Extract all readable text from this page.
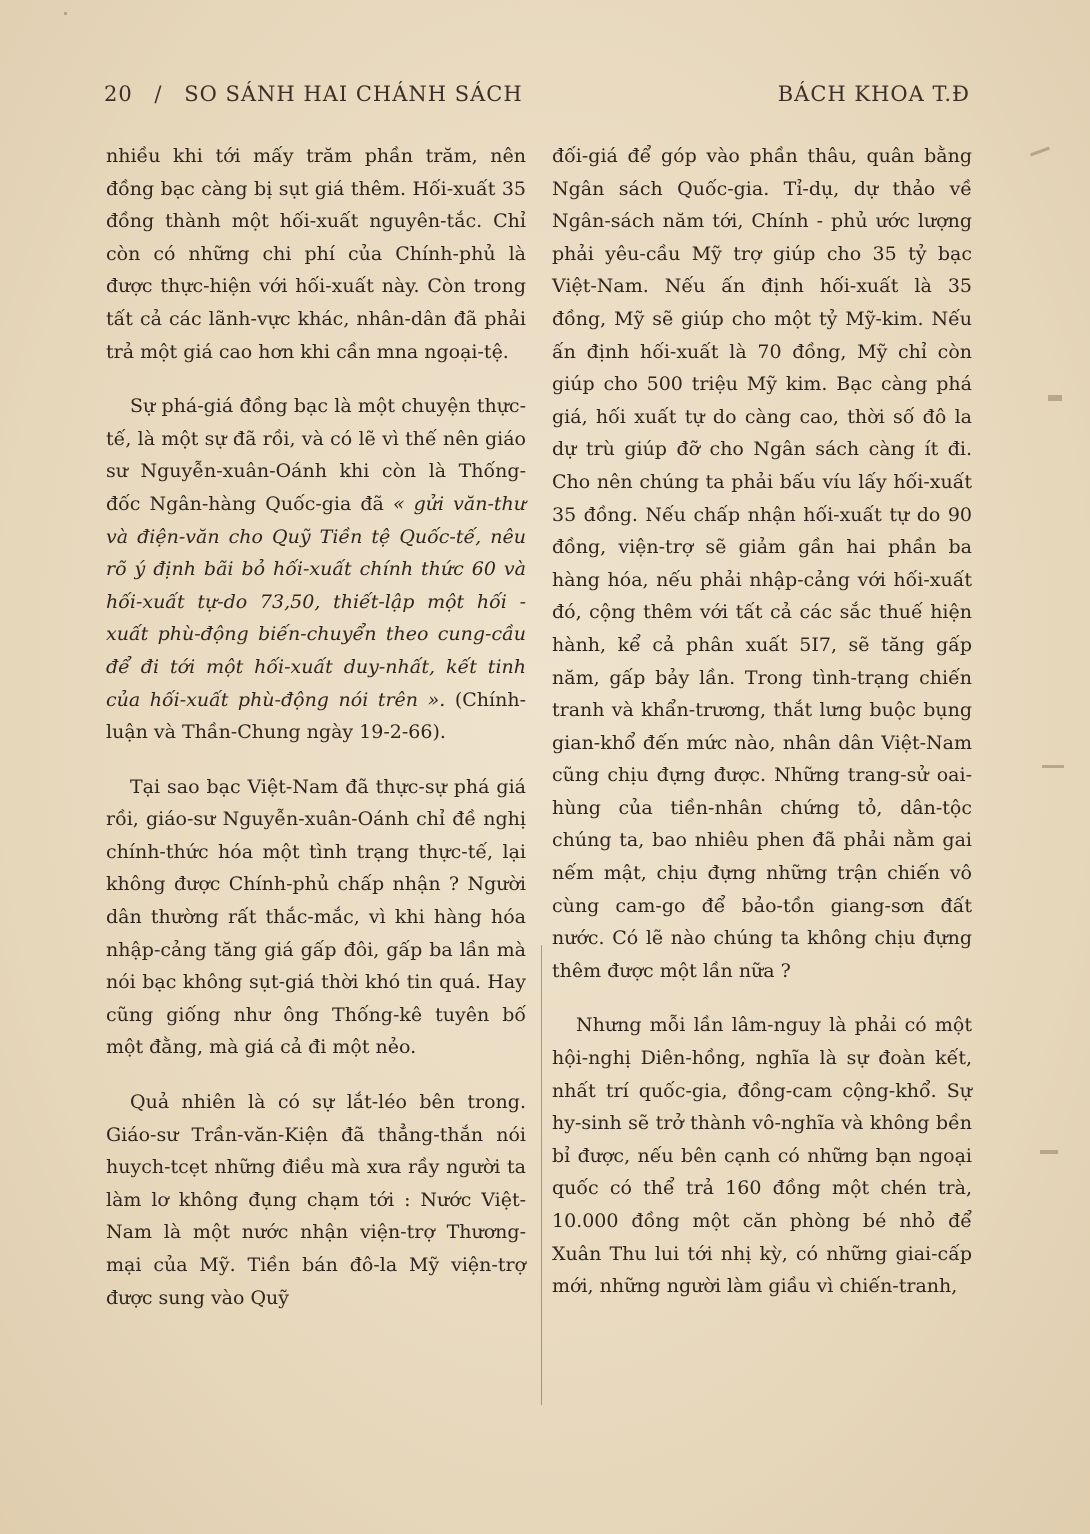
20 / SO SÁNH HAI CHÁNH SÁCH	BÁCH KHOA T.Đ

nhiều khi tới mấy trăm phần trăm, nên đồng bạc càng bị sụt giá thêm. Hối-xuất 35 đồng thành một hối-xuất nguyên-tắc. Chỉ còn có những chi phí của Chính-phủ là được thực-hiện với hối-xuất này. Còn trong tất cả các lãnh-vực khác, nhân-dân đã phải trả một giá cao hơn khi cần mna ngoại-tệ.

Sự phá-giá đồng bạc là một chuyện thực-tế, là một sự đã rồi, và có lẽ vì thế nên giáo sư Nguyễn-xuân-Oánh khi còn là Thống-đốc Ngân-hàng Quốc-gia đã « gửi văn-thư và điện-văn cho Quỹ Tiền tệ Quốc-tế, nêu rõ ý định bãi bỏ hối-xuất chính thức 60 và hối-xuất tự-do 73,50, thiết-lập một hối - xuất phù-động biến-chuyển theo cung-cầu để đi tới một hối-xuất duy-nhất, kết tinh của hối-xuất phù-động nói trên ». (Chính-luận và Thần-Chung ngày 19-2-66).

Tại sao bạc Việt-Nam đã thực-sự phá giá rồi, giáo-sư Nguyễn-xuân-Oánh chỉ đề nghị chính-thức hóa một tình trạng thực-tế, lại không được Chính-phủ chấp nhận ? Người dân thường rất thắc-mắc, vì khi hàng hóa nhập-cảng tăng giá gấp đôi, gấp ba lần mà nói bạc không sụt-giá thời khó tin quá. Hay cũng giống như ông Thống-kê tuyên bố một đằng, mà giá cả đi một nẻo.

Quả nhiên là có sự lắt-léo bên trong. Giáo-sư Trần-văn-Kiện đã thẳng-thắn nói huych-tcẹt những điều mà xưa rầy người ta làm lơ không đụng chạm tới : Nước Việt-Nam là một nước nhận viện-trợ Thương-mại của Mỹ. Tiền bán đô-la Mỹ viện-trợ được sung vào Quỹ

đối-giá để góp vào phần thâu, quân bằng Ngân sách Quốc-gia. Tỉ-dụ, dự thảo về Ngân-sách năm tới, Chính - phủ ước lượng phải yêu-cầu Mỹ trợ giúp cho 35 tỷ bạc Việt-Nam. Nếu ấn định hối-xuất là 35 đồng, Mỹ sẽ giúp cho một tỷ Mỹ-kim. Nếu ấn định hối-xuất là 70 đồng, Mỹ chỉ còn giúp cho 500 triệu Mỹ kim. Bạc càng phá giá, hối xuất tự do càng cao, thời số đô la dự trù giúp đỡ cho Ngân sách càng ít đi. Cho nên chúng ta phải bấu víu lấy hối-xuất 35 đồng. Nếu chấp nhận hối-xuất tự do 90 đồng, viện-trợ sẽ giảm gần hai phần ba hàng hóa, nếu phải nhập-cảng với hối-xuất đó, cộng thêm với tất cả các sắc thuế hiện hành, kể cả phân xuất 5I7, sẽ tăng gấp năm, gấp bảy lần. Trong tình-trạng chiến tranh và khẩn-trương, thắt lưng buộc bụng gian-khổ đến mức nào, nhân dân Việt-Nam cũng chịu đựng được. Những trang-sử oai-hùng của tiền-nhân chứng tỏ, dân-tộc chúng ta, bao nhiêu phen đã phải nằm gai nếm mật, chịu đựng những trận chiến vô cùng cam-go để bảo-tồn giang-sơn đất nước. Có lẽ nào chúng ta không chịu đựng thêm được một lần nữa ?

Nhưng mỗi lần lâm-nguy là phải có một hội-nghị Diên-hồng, nghĩa là sự đoàn kết, nhất trí quốc-gia, đồng-cam cộng-khổ. Sự hy-sinh sẽ trở thành vô-nghĩa và không bền bỉ được, nếu bên cạnh có những bạn ngoại quốc có thể trả 160 đồng một chén trà, 10.000 đồng một căn phòng bé nhỏ để Xuân Thu lui tới nhị kỳ, có những giai-cấp mới, những người làm giầu vì chiến-tranh,
